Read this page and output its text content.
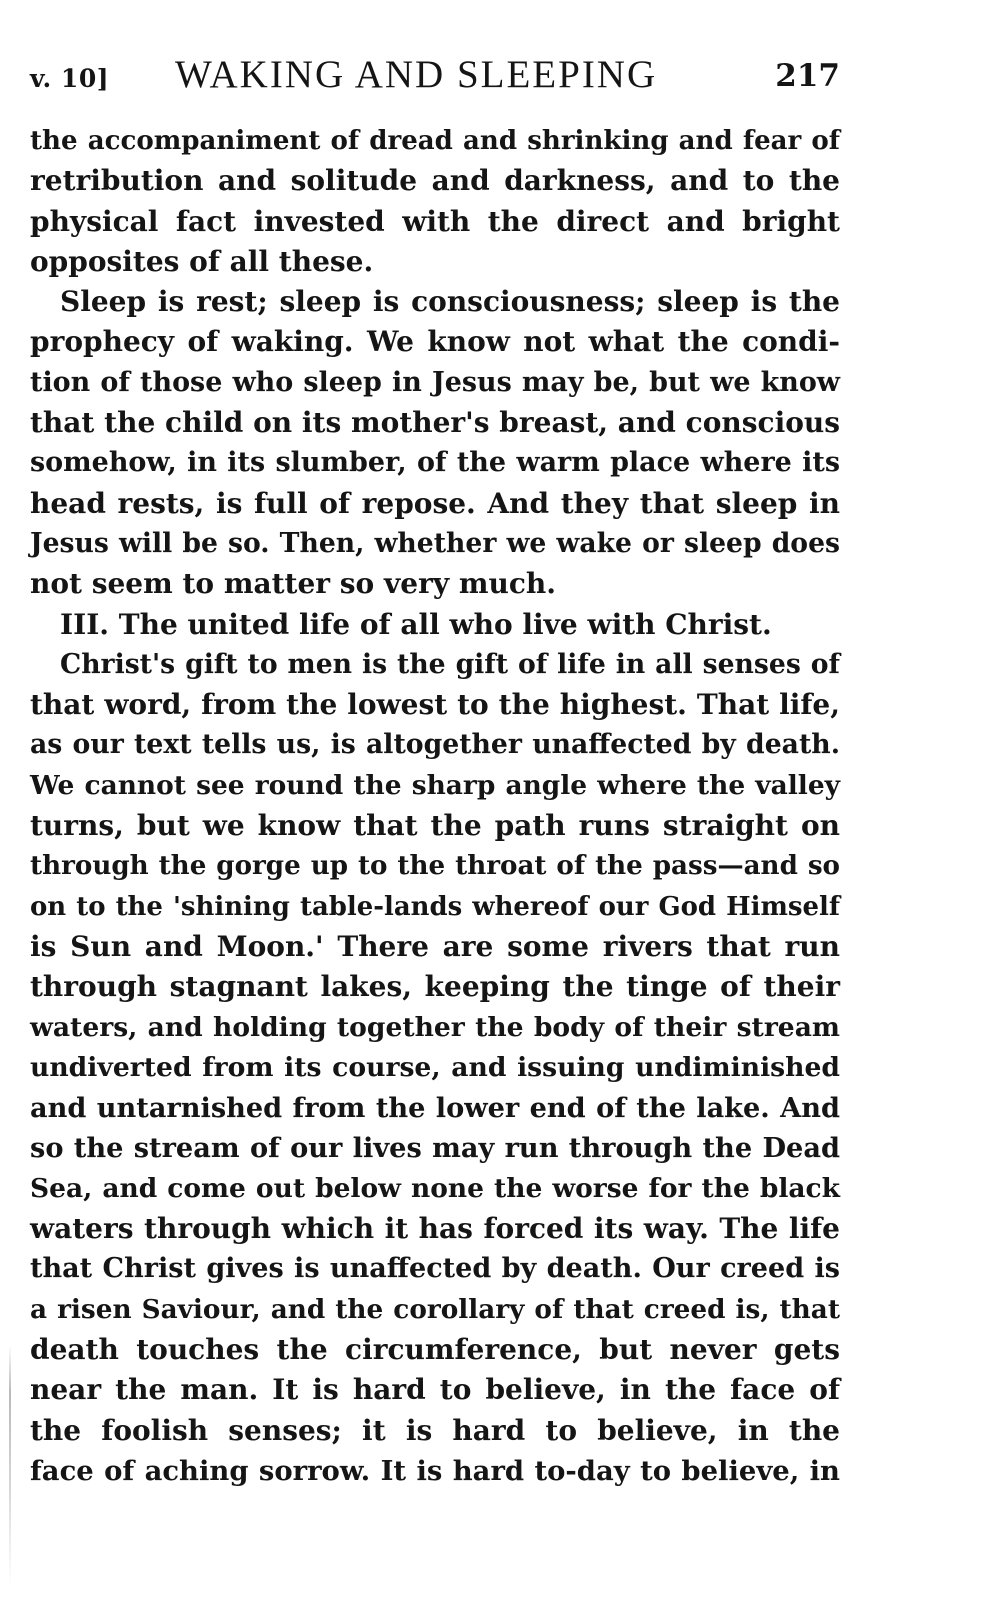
v. 10] WAKING AND SLEEPING	217
the accompaniment of dread and shrinking and fear of
retribution and solitude and darkness, and to the
physical fact invested with the direct and bright
opposites of all these.
Sleep is rest; sleep is consciousness; sleep is the
prophecy of waking. We know not what the condi-
tion of those who sleep in Jesus may be, but we know
that the child on its mother's breast, and conscious
somehow, in its slumber, of the warm place where its
head rests, is full of repose. And they that sleep in
Jesus will be so. Then, whether we wake or sleep does
not seem to matter so very much.
III. The united life of all who live with Christ.
Christ's gift to men is the gift of life in all senses of
that word, from the lowest to the highest. That life,
as our text tells us, is altogether unaffected by death.
We cannot see round the sharp angle where the valley
turns, but we know that the path runs straight on
through the gorge up to the throat of the pass—and so
on to the 'shining table-lands whereof our God Himself
is Sun and Moon.' There are some rivers that run
through stagnant lakes, keeping the tinge of their
waters, and holding together the body of their stream
undiverted from its course, and issuing undiminished
and untarnished from the lower end of the lake. And
so the stream of our lives may run through the Dead
Sea, and come out below none the worse for the black
waters through which it has forced its way. The life
that Christ gives is unaffected by death. Our creed is
a risen Saviour, and the corollary of that creed is, that
death touches the circumference, but never gets
near the man. It is hard to believe, in the face of
the foolish senses; it is hard to believe, in the
face of aching sorrow. It is hard to-day to believe, in
